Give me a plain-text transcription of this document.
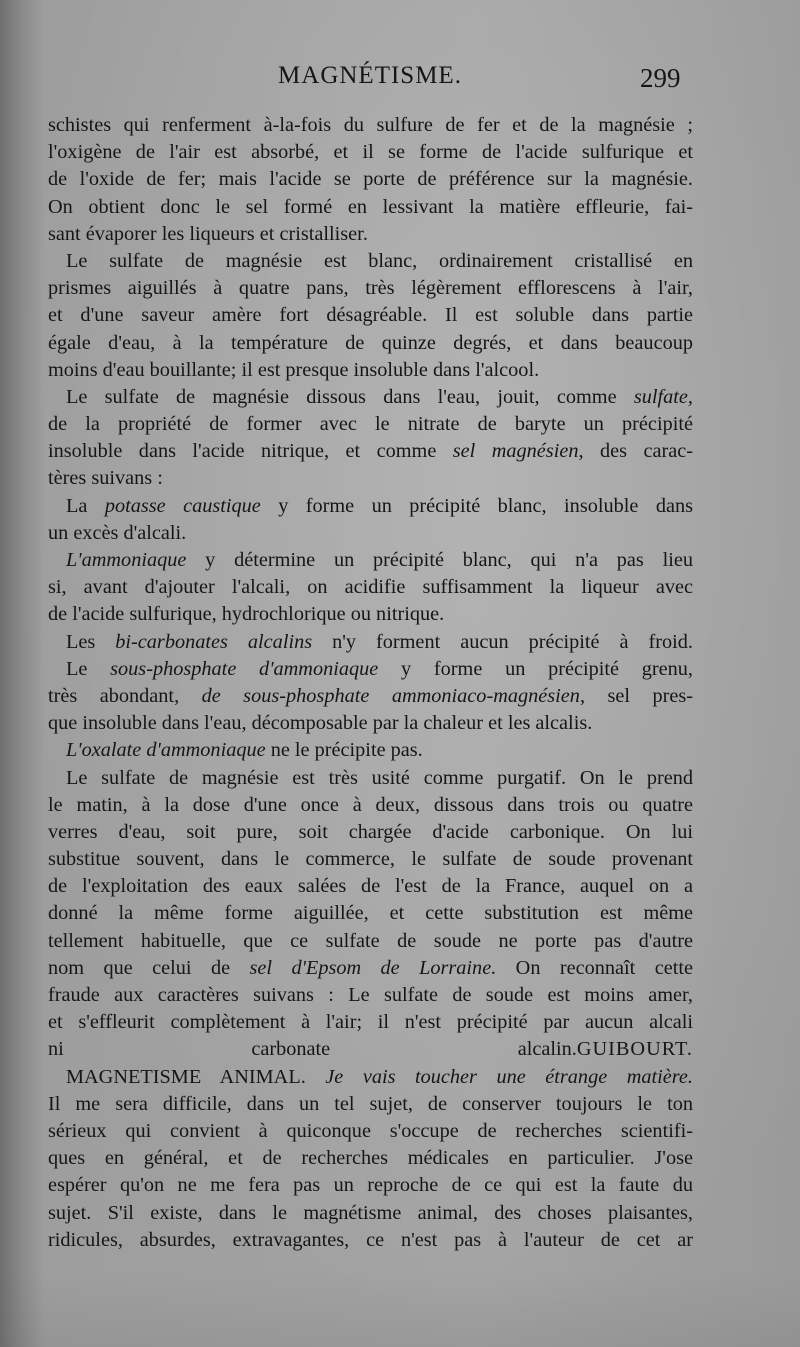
MAGNÉTISME.	299
schistes qui renferment à-la-fois du sulfure de fer et de la magnésie ;
l'oxigène de l'air est absorbé, et il se forme de l'acide sulfurique et
de l'oxide de fer; mais l'acide se porte de préférence sur la magnésie.
On obtient donc le sel formé en lessivant la matière effleurie, fai-
sant évaporer les liqueurs et cristalliser.
Le sulfate de magnésie est blanc, ordinairement cristallisé en
prismes aiguillés à quatre pans, très légèrement efflorescens à l'air,
et d'une saveur amère fort désagréable. Il est soluble dans partie
égale d'eau, à la température de quinze degrés, et dans beaucoup
moins d'eau bouillante; il est presque insoluble dans l'alcool.
Le sulfate de magnésie dissous dans l'eau, jouit, comme sulfate,
de la propriété de former avec le nitrate de baryte un précipité
insoluble dans l'acide nitrique, et comme sel magnésien, des carac-
tères suivans :
La potasse caustique y forme un précipité blanc, insoluble dans
un excès d'alcali.
L'ammoniaque y détermine un précipité blanc, qui n'a pas lieu
si, avant d'ajouter l'alcali, on acidifie suffisamment la liqueur avec
de l'acide sulfurique, hydrochlorique ou nitrique.
Les bi-carbonates alcalins n'y forment aucun précipité à froid.
Le sous-phosphate d'ammoniaque y forme un précipité grenu,
très abondant, de sous-phosphate ammoniaco-magnésien, sel pres-
que insoluble dans l'eau, décomposable par la chaleur et les alcalis.
L'oxalate d'ammoniaque ne le précipite pas.
Le sulfate de magnésie est très usité comme purgatif. On le prend
le matin, à la dose d'une once à deux, dissous dans trois ou quatre
verres d'eau, soit pure, soit chargée d'acide carbonique. On lui
substitue souvent, dans le commerce, le sulfate de soude provenant
de l'exploitation des eaux salées de l'est de la France, auquel on a
donné la même forme aiguillée, et cette substitution est même
tellement habituelle, que ce sulfate de soude ne porte pas d'autre
nom que celui de sel d'Epsom de Lorraine. On reconnaît cette
fraude aux caractères suivans : Le sulfate de soude est moins amer,
et s'effleurit complètement à l'air; il n'est précipité par aucun alcali
ni carbonate alcalin.GUIBOURT.
MAGNETISME ANIMAL. Je vais toucher une étrange matière.
Il me sera difficile, dans un tel sujet, de conserver toujours le ton
sérieux qui convient à quiconque s'occupe de recherches scientifi-
ques en général, et de recherches médicales en particulier. J'ose
espérer qu'on ne me fera pas un reproche de ce qui est la faute du
sujet. S'il existe, dans le magnétisme animal, des choses plaisantes,
ridicules, absurdes, extravagantes, ce n'est pas à l'auteur de cet ar
